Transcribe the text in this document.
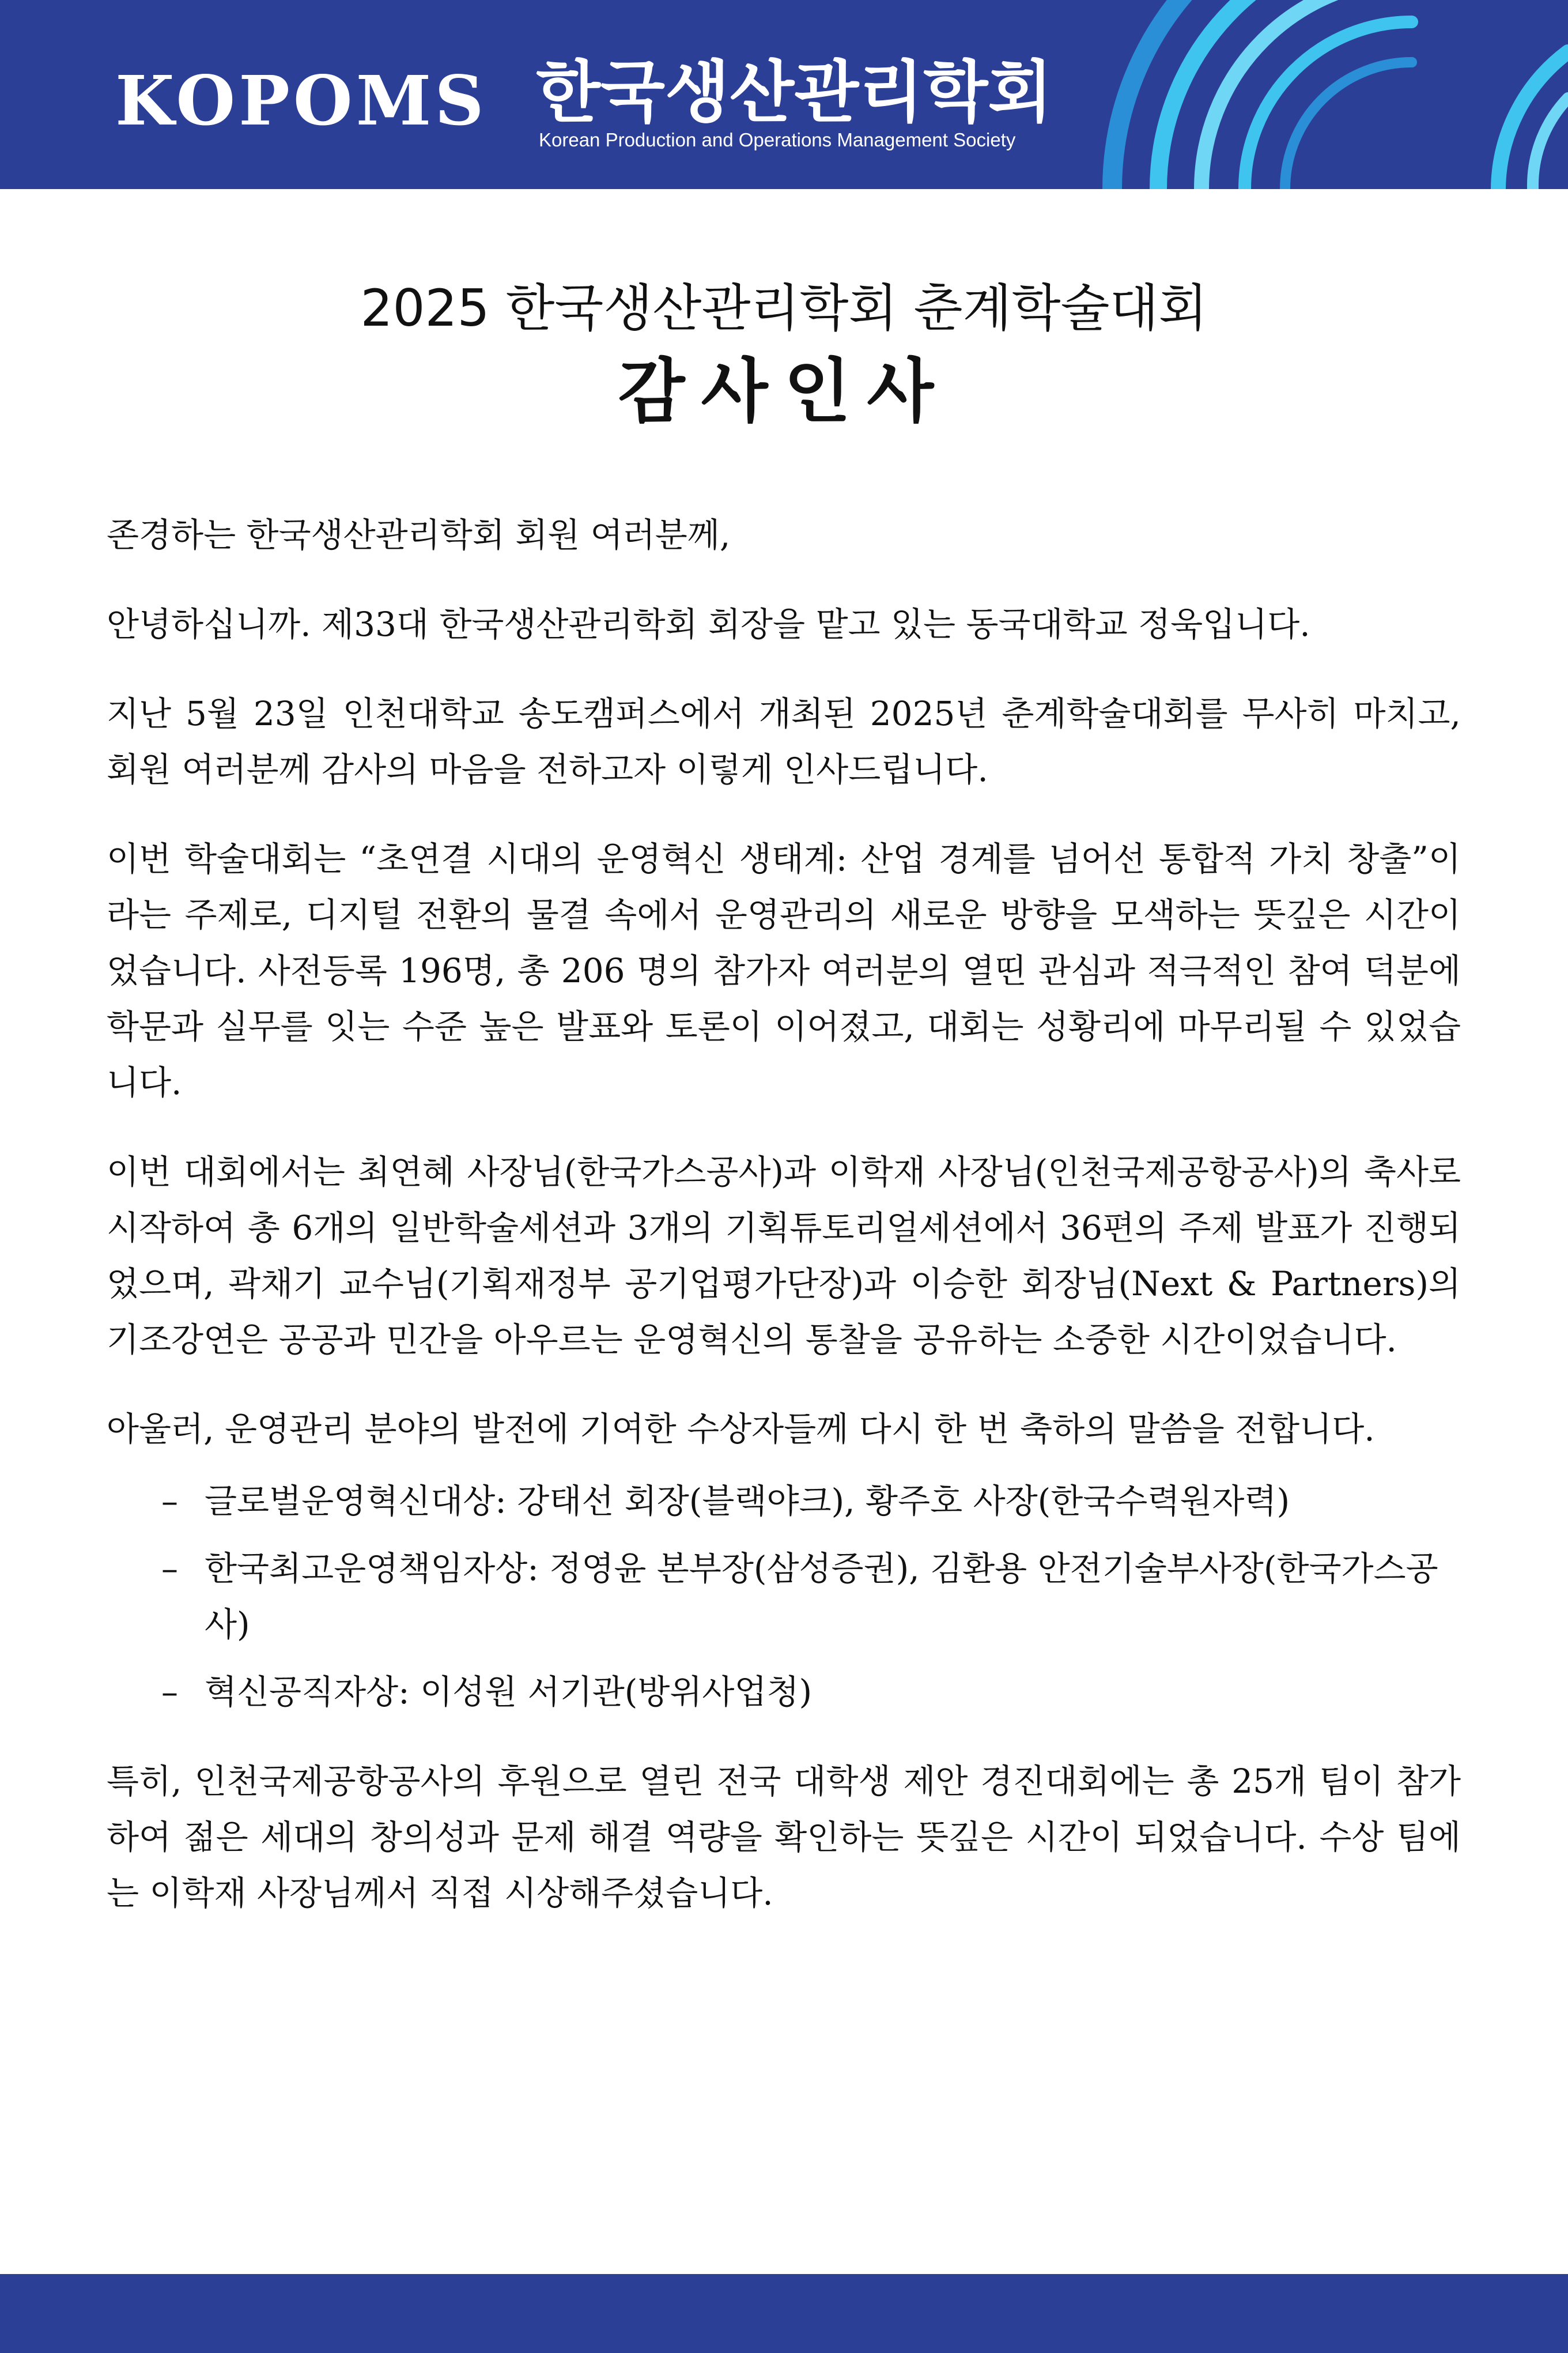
KOPOMS 한국생산관리학회
Korean Production and Operations Management Society
2025 한국생산관리학회 춘계학술대회
감사인사

존경하는 한국생산관리학회 회원 여러분께,

안녕하십니까. 제33대 한국생산관리학회 회장을 맡고 있는 동국대학교 정욱입니다.

지난 5월 23일 인천대학교 송도캠퍼스에서 개최된 2025년 춘계학술대회를 무사히 마치고, 회원 여러분께 감사의 마음을 전하고자 이렇게 인사드립니다.

이번 학술대회는 “초연결 시대의 운영혁신 생태계: 산업 경계를 넘어선 통합적 가치 창출”이라는 주제로, 디지털 전환의 물결 속에서 운영관리의 새로운 방향을 모색하는 뜻깊은 시간이었습니다. 사전등록 196명, 총 206 명의 참가자 여러분의 열띤 관심과 적극적인 참여 덕분에 학문과 실무를 잇는 수준 높은 발표와 토론이 이어졌고, 대회는 성황리에 마무리될 수 있었습니다.

이번 대회에서는 최연혜 사장님(한국가스공사)과 이학재 사장님(인천국제공항공사)의 축사로 시작하여 총 6개의 일반학술세션과 3개의 기획튜토리얼세션에서 36편의 주제 발표가 진행되었으며, 곽채기 교수님(기획재정부 공기업평가단장)과 이승한 회장님(Next & Partners)의 기조강연은 공공과 민간을 아우르는 운영혁신의 통찰을 공유하는 소중한 시간이었습니다.

아울러, 운영관리 분야의 발전에 기여한 수상자들께 다시 한 번 축하의 말씀을 전합니다.

– 글로벌운영혁신대상: 강태선 회장(블랙야크), 황주호 사장(한국수력원자력)
– 한국최고운영책임자상: 정영윤 본부장(삼성증권), 김환용 안전기술부사장(한국가스공사)
– 혁신공직자상: 이성원 서기관(방위사업청)

특히, 인천국제공항공사의 후원으로 열린 전국 대학생 제안 경진대회에는 총 25개 팀이 참가하여 젊은 세대의 창의성과 문제 해결 역량을 확인하는 뜻깊은 시간이 되었습니다. 수상 팀에는 이학재 사장님께서 직접 시상해주셨습니다.
